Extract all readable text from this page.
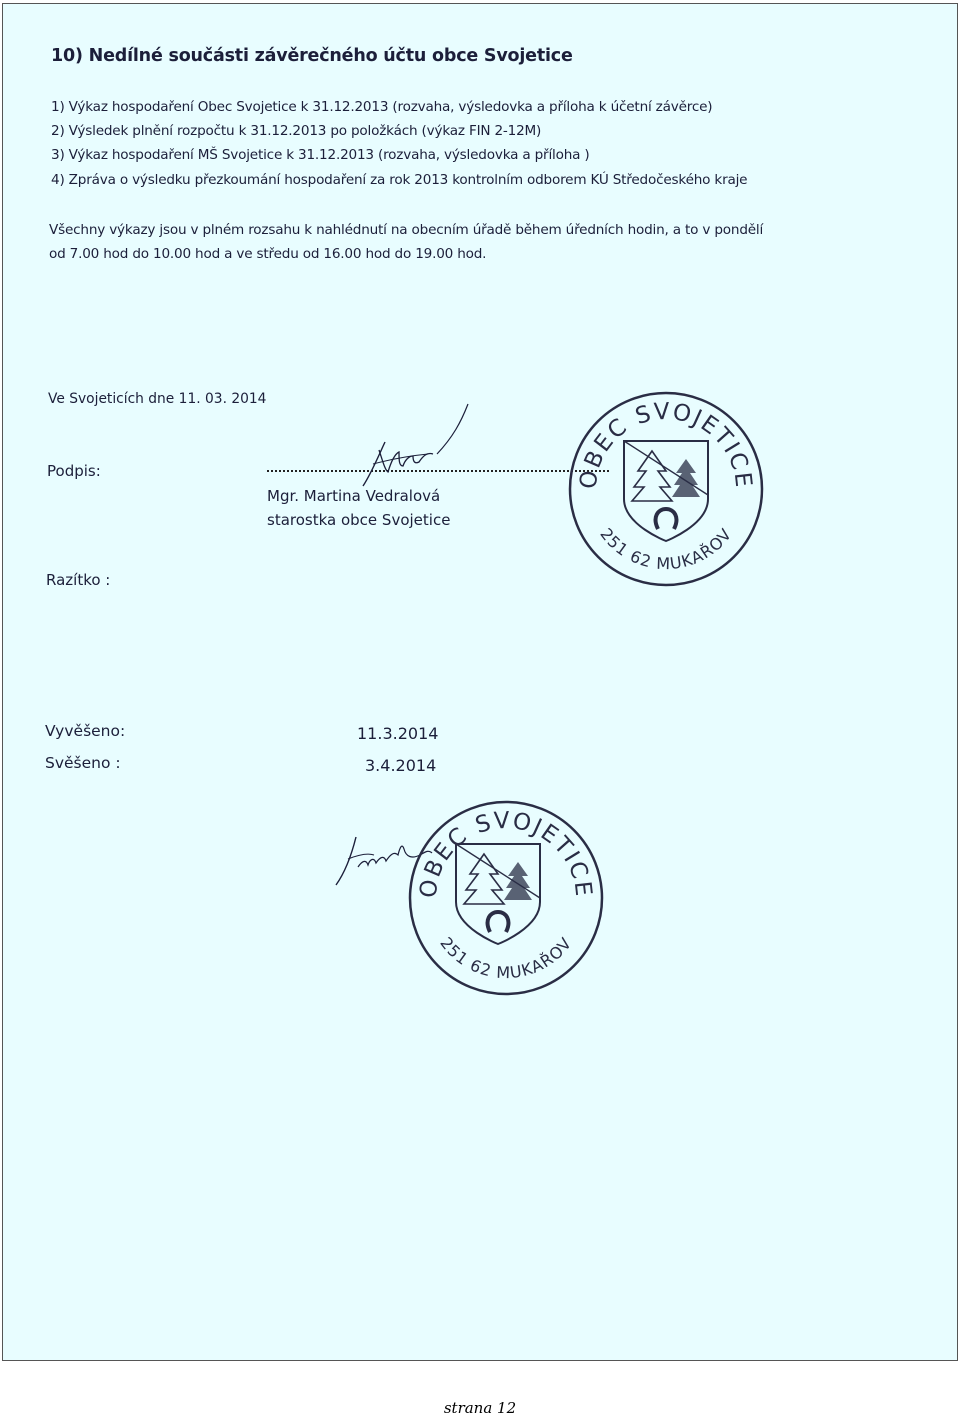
10) Nedílné součásti závěrečného účtu obce Svojetice
1) Výkaz hospodaření Obec Svojetice k 31.12.2013 (rozvaha, výsledovka a příloha k účetní závěrce)
2) Výsledek plnění rozpočtu k 31.12.2013 po položkách (výkaz FIN 2-12M)
3) Výkaz hospodaření MŠ Svojetice k 31.12.2013 (rozvaha, výsledovka a příloha )
4) Zpráva o výsledku přezkoumání hospodaření za rok 2013 kontrolním odborem KÚ Středočeského kraje
Všechny výkazy jsou v plném rozsahu k nahlédnutí na obecním úřadě během úředních hodin, a to v pondělí
od 7.00 hod do 10.00 hod a ve středu od 16.00 hod do 19.00 hod.
Ve Svojeticích dne 11. 03. 2014
Podpis:
Mgr. Martina Vedralová
starostka obce Svojetice
Razítko :
OBEC SVOJETICE
251 62 MUKAŘOV
Vyvěšeno:	11.3.2014
Svěšeno :	3.4.2014
OBEC SVOJETICE
251 62 MUKAŘOV
strana 12
